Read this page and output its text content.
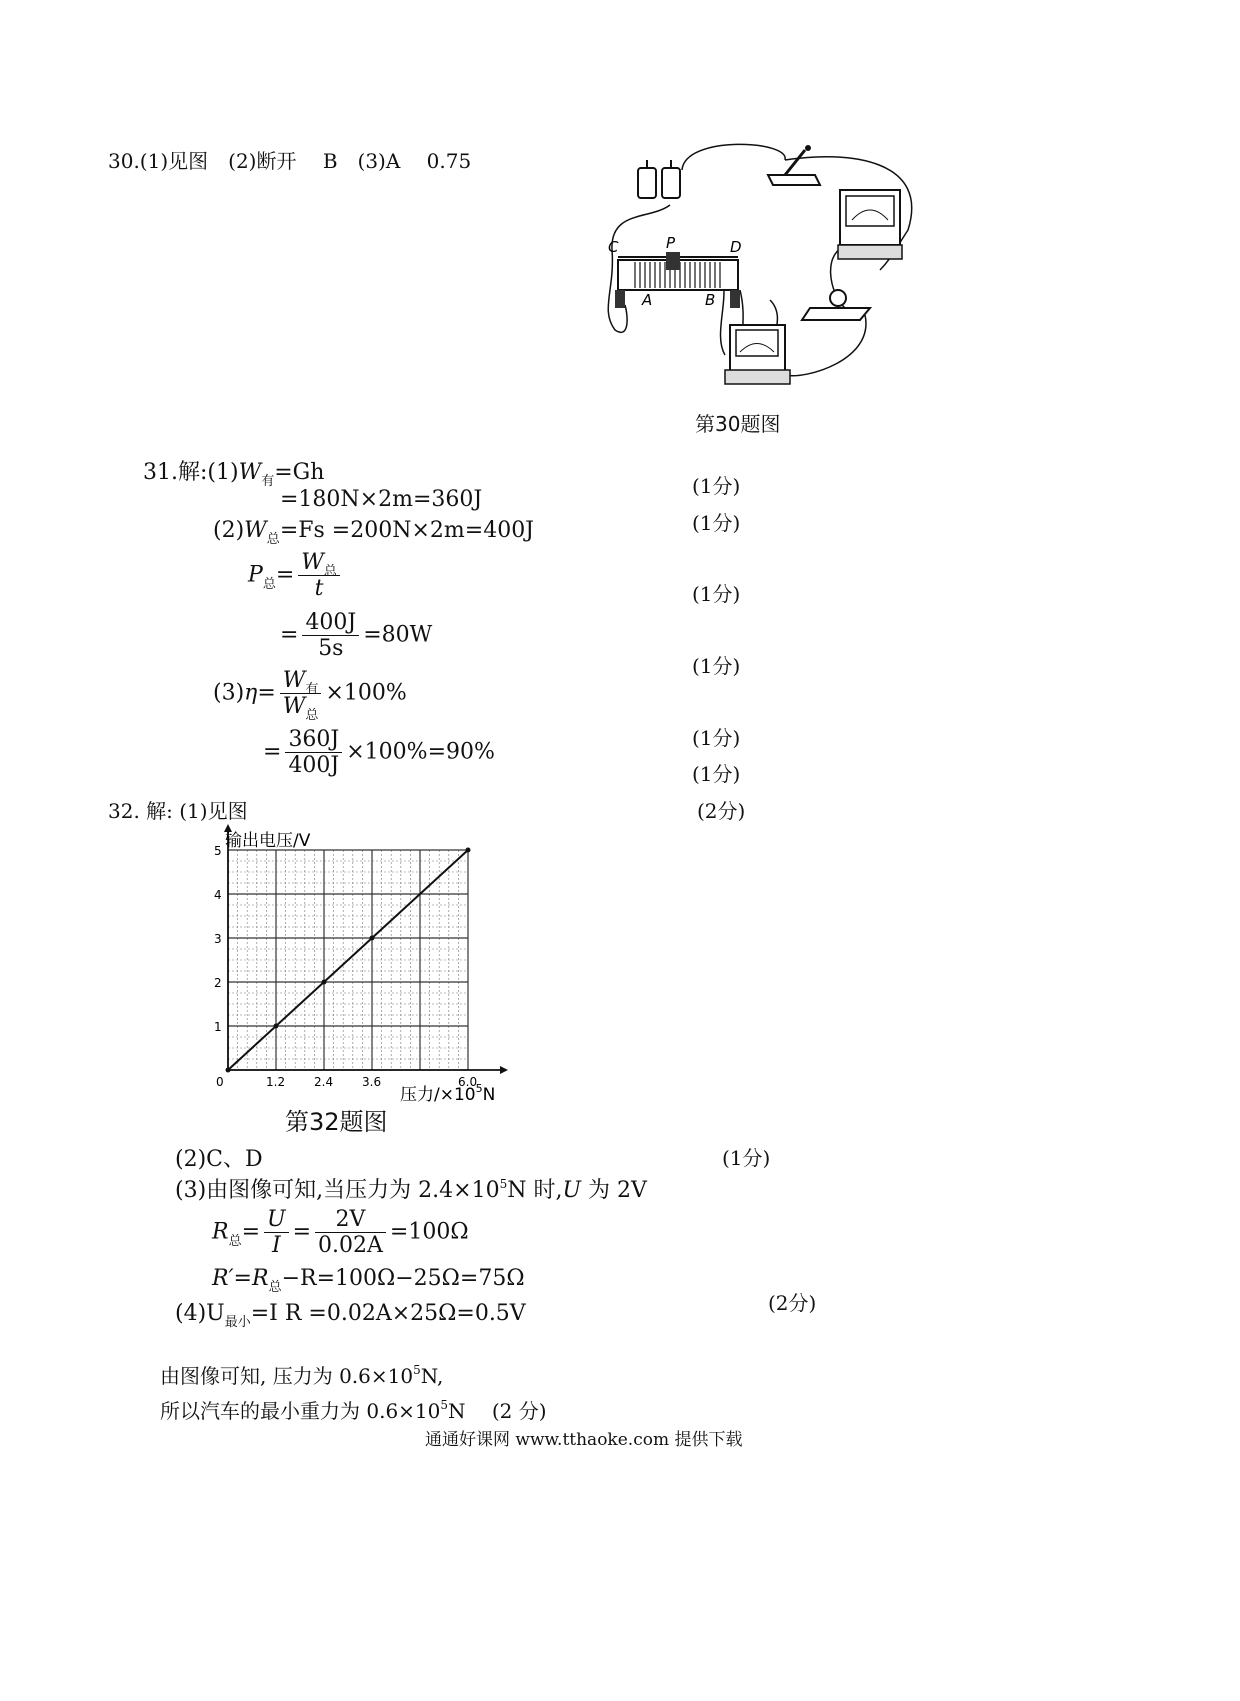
30.(1)见图　(2)断开　 B　(3)A　 0.75
C	P	D
A	B
第30题图
31.解$:(1)W_有=Gh$
(1分)
=180N×2m=360J
(1分)
$(2)W_总=Fs =200N\times 2m=400J$
$P_总= \frac{W_总}{t}$	(1分)
= $\frac{400J}{5s} =80W$
(1分)
$(3)\eta= \frac{W_有}{W_总} \times 100\%$
(1分)
= $\frac{360J}{400J} \times 100\%=90\%$
(1分)
32. 解: (1)见图	(2分)
0	1.2 2.4 3.6	6.0
1
2
3
4
5 输出电压/V
压力$/\times 10^5N$
第32题图
(2)C、D	(1分)
(3)由图像可知,当压力为 $2.4\times 10^5N$ 时,U 为 2V
$R_总= \frac{U}{I} = \frac{2V}{0.02A} =100\Omega$
$R'=R_总-R=100\Omega-25\Omega=75\Omega$
(2分)
$(4)U_{最小}=I$ R =0.02A×25Ω=0.5V
由图像可知, 压力为 $0.6\times 10^5N$,
所以汽车的最小重力为 $0.6\times 10^5N$　 (2 分)
通通好课网 www.tthaoke.com 提供下载
